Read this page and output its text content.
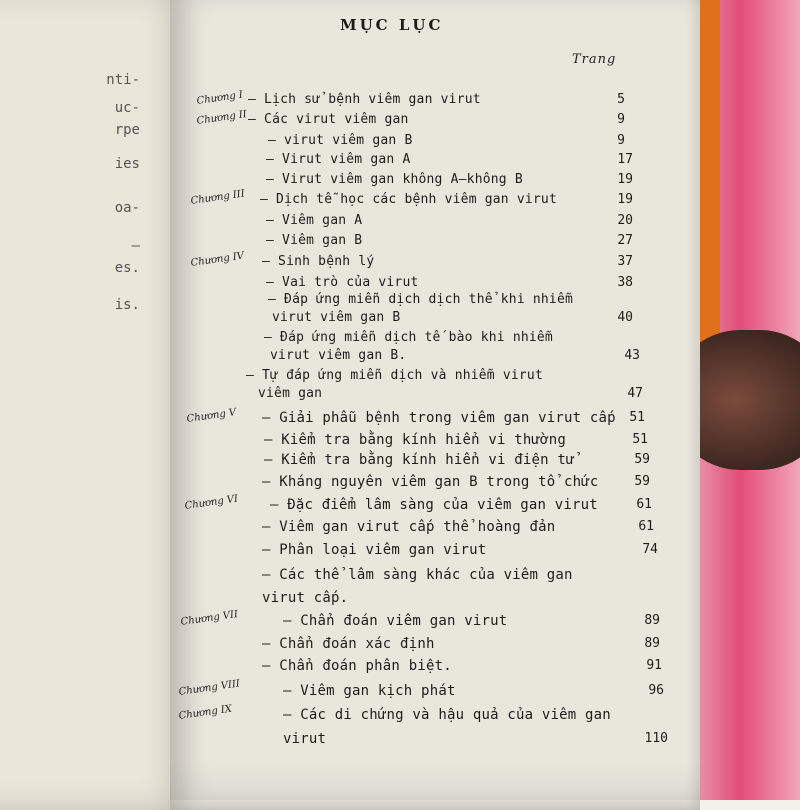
nti-
uc-
rpe
ies
oa-
–
es.
is.
MỤC LỤC
Trang
Chương I – Lịch sử bệnh viêm gan virut	5
Chương II – Các virut viêm gan	9
– virut viêm gan B	9
– Virut viêm gan A	17
– Virut viêm gan không A–không B	19
Chương III – Dịch tễ học các bệnh viêm gan virut	19
– Viêm gan A	20
– Viêm gan B	27
Chương IV – Sinh bệnh lý	37
– Vai trò của virut	38
– Đáp ứng miễn dịch dịch thể khi nhiễm
virut viêm gan B	40
– Đáp ứng miễn dịch tế bào khi nhiễm
virut viêm gan B.	43
– Tự đáp ứng miễn dịch và nhiễm virut
viêm gan	47
Chương V – Giải phẫu bệnh trong viêm gan virut cấp	51
– Kiểm tra bằng kính hiển vi thường	51
– Kiểm tra bằng kính hiển vi điện tử	59
– Kháng nguyên viêm gan B trong tổ chức	59
Chương VI – Đặc điểm lâm sàng của viêm gan virut	61
– Viêm gan virut cấp thể hoàng đản	61
– Phân loại viêm gan virut	74
– Các thể lâm sàng khác của viêm gan
virut cấp.
Chương VII	– Chẩn đoán viêm gan virut	89
– Chẩn đoán xác định	89
– Chẩn đoán phân biệt.	91
Chương VIII	– Viêm gan kịch phát	96
Chương IX	– Các di chứng và hậu quả của viêm gan
virut	110
